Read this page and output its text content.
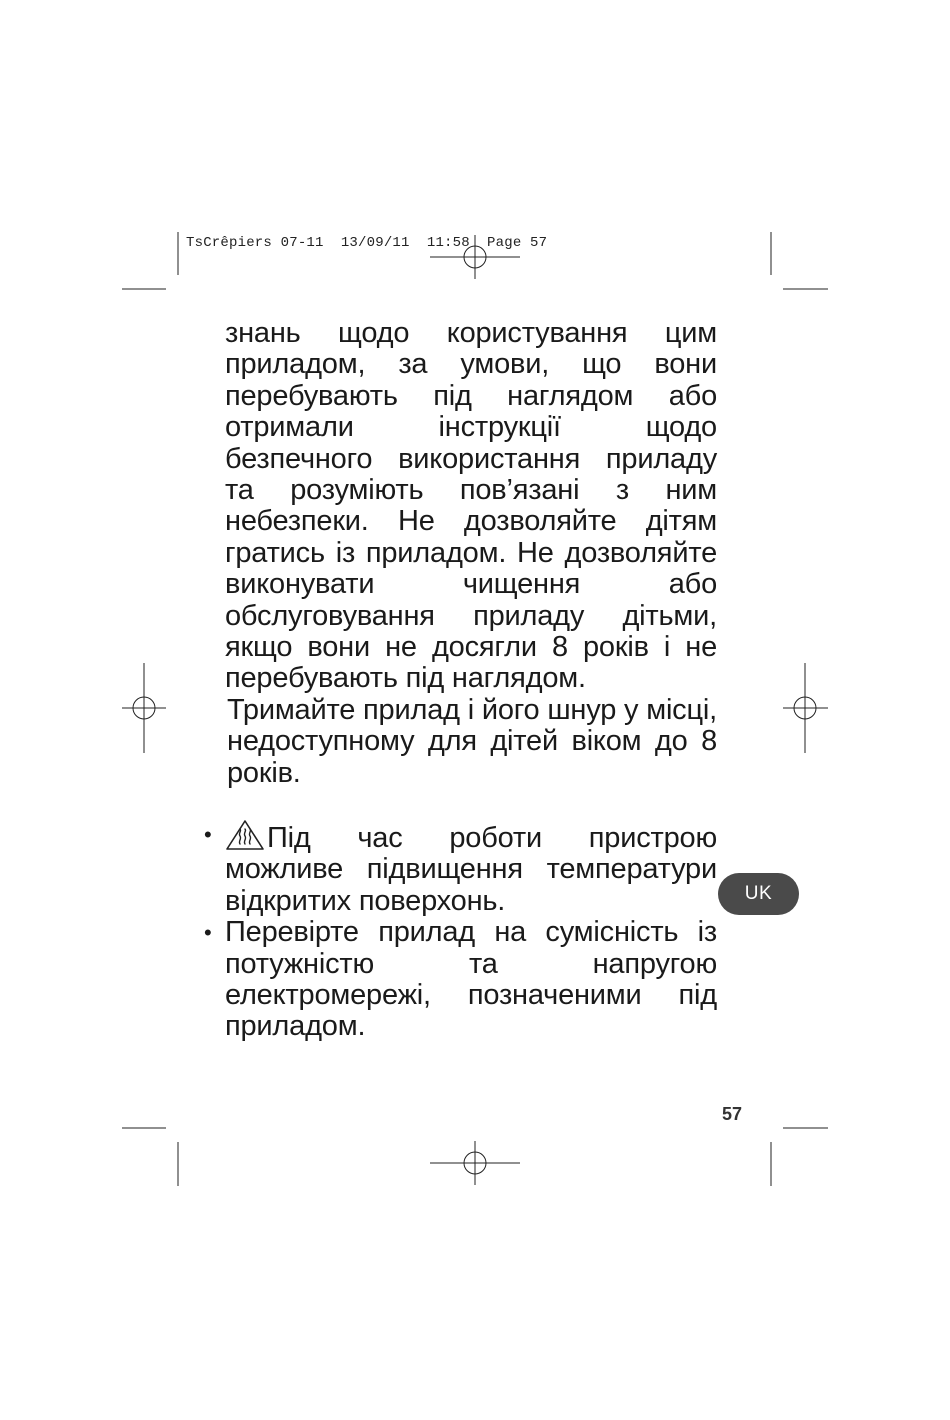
TsCrêpiers 07-11  13/09/11  11:58  Page 57

знань щодо користування цим приладом, за умови, що вони перебувають під наглядом або отримали інструкції щодо безпечного використання приладу та розуміють пов’язані з ним небезпеки. Не дозволяйте дітям гратись із приладом. Не дозволяйте виконувати чищення або обслуговування приладу дітьми, якщо вони не досягли 8 років і не перебувають під наглядом.

Тримайте прилад і його шнур у місці, недоступному для дітей віком до 8 років.

• Під час роботи пристрою можливе підвищення температури відкритих поверхонь.

• Перевірте прилад на сумісність із потужністю та напругою електромережі, позначеними під приладом.

UK
57
